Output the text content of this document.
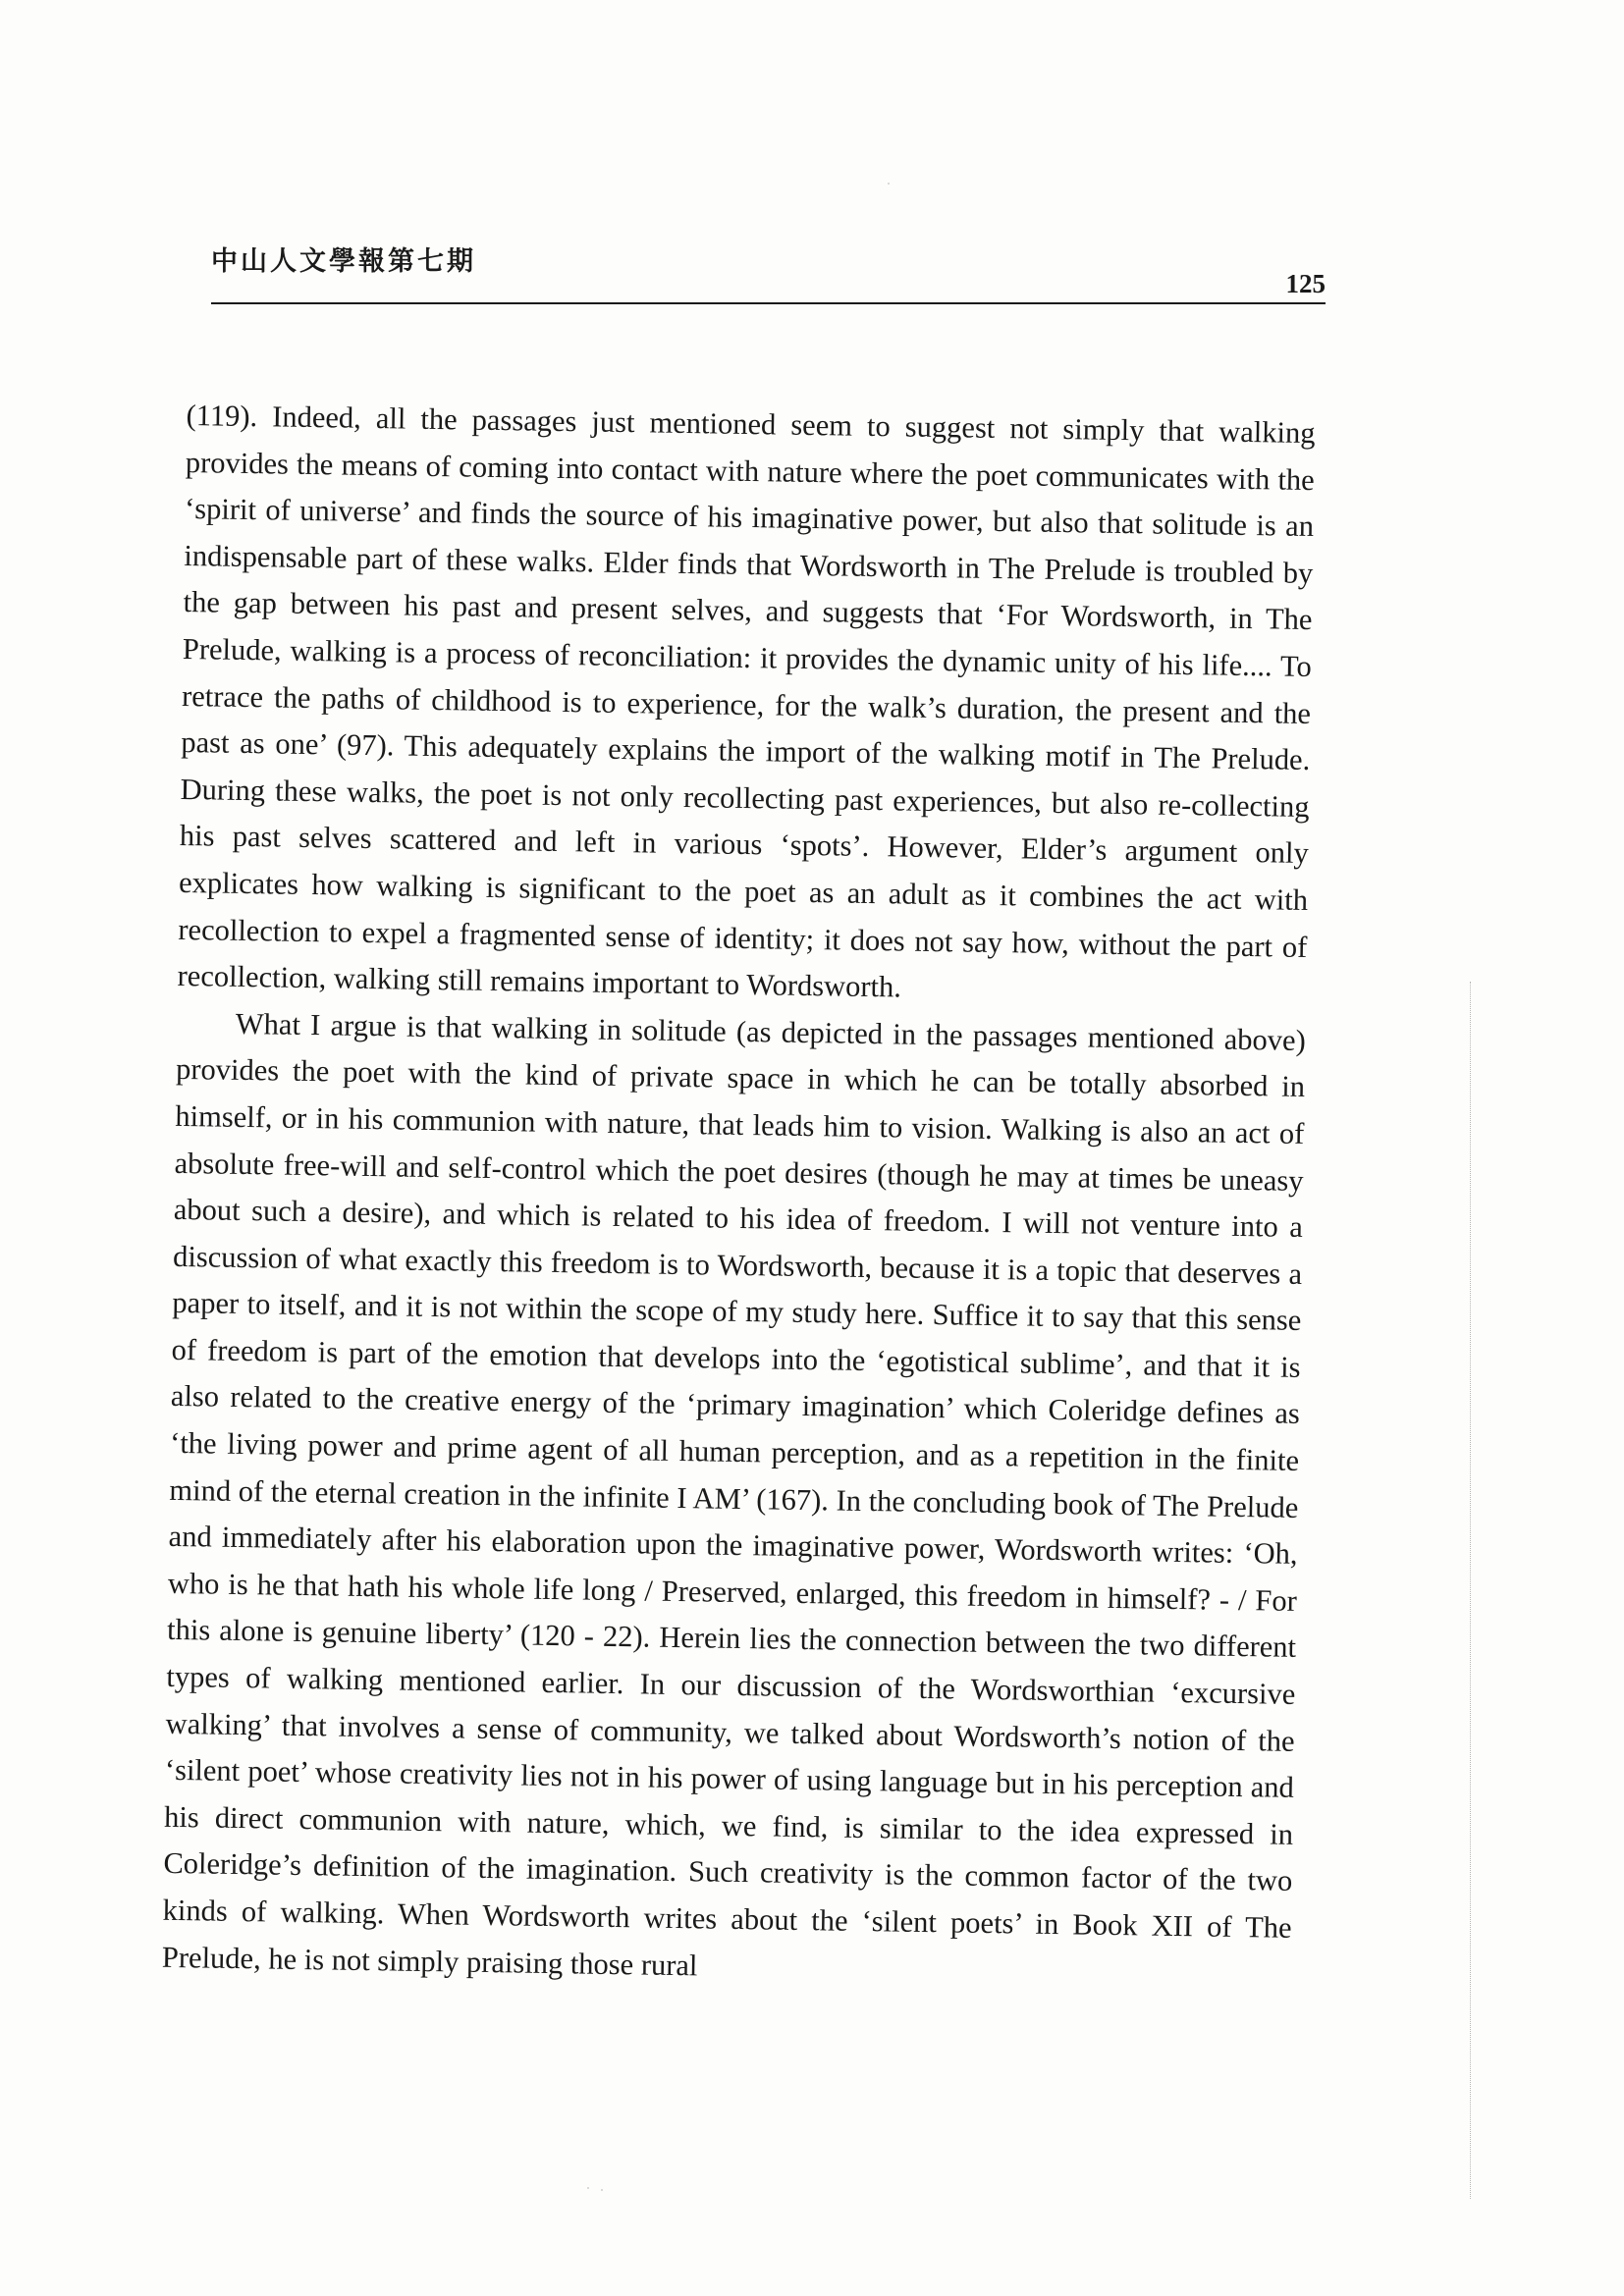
中山人文學報第七期
125

(119). Indeed, all the passages just mentioned seem to suggest not simply that walking provides the means of coming into contact with nature where the poet communicates with the ‘spirit of universe’ and finds the source of his imaginative power, but also that solitude is an indispensable part of these walks. Elder finds that Wordsworth in The Prelude is troubled by the gap between his past and present selves, and suggests that ‘For Wordsworth, in The Prelude, walking is a process of reconciliation: it provides the dynamic unity of his life.... To retrace the paths of childhood is to experience, for the walk’s duration, the present and the past as one’ (97). This adequately explains the import of the walking motif in The Prelude. During these walks, the poet is not only recollecting past experiences, but also re-collecting his past selves scattered and left in various ‘spots’. However, Elder’s argument only explicates how walking is significant to the poet as an adult as it combines the act with recollection to expel a fragmented sense of identity; it does not say how, without the part of recollection, walking still remains important to Wordsworth.

What I argue is that walking in solitude (as depicted in the passages mentioned above) provides the poet with the kind of private space in which he can be totally absorbed in himself, or in his communion with nature, that leads him to vision. Walking is also an act of absolute free-will and self-control which the poet desires (though he may at times be uneasy about such a desire), and which is related to his idea of freedom. I will not venture into a discussion of what exactly this freedom is to Wordsworth, because it is a topic that deserves a paper to itself, and it is not within the scope of my study here. Suffice it to say that this sense of freedom is part of the emotion that develops into the ‘egotistical sublime’, and that it is also related to the creative energy of the ‘primary imagination’ which Coleridge defines as ‘the living power and prime agent of all human perception, and as a repetition in the finite mind of the eternal creation in the infinite I AM’ (167). In the concluding book of The Prelude and immediately after his elaboration upon the imaginative power, Wordsworth writes: ‘Oh, who is he that hath his whole life long / Preserved, enlarged, this freedom in himself? - / For this alone is genuine liberty’ (120 - 22). Herein lies the connection between the two different types of walking mentioned earlier. In our discussion of the Wordsworthian ‘excursive walking’ that involves a sense of community, we talked about Wordsworth’s notion of the ‘silent poet’ whose creativity lies not in his power of using language but in his perception and his direct communion with nature, which, we find, is similar to the idea expressed in Coleridge’s definition of the imagination. Such creativity is the common factor of the two kinds of walking. When Wordsworth writes about the ‘silent poets’ in Book XII of The Prelude, he is not simply praising those rural
